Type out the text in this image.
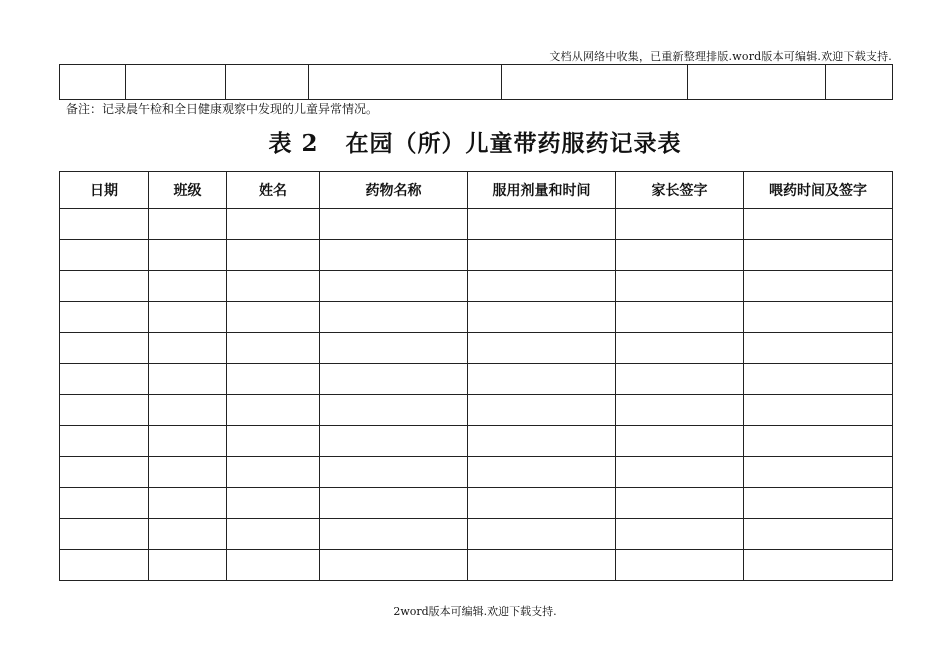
文档从网络中收集，已重新整理排版.word版本可编辑.欢迎下载支持.

备注：记录晨午检和全日健康观察中发现的儿童异常情况。
表 2   在园（所）儿童带药服药记录表
日期	班级	姓名	药物名称	服用剂量和时间	家长签字	喂药时间及签字

2word版本可编辑.欢迎下载支持.
